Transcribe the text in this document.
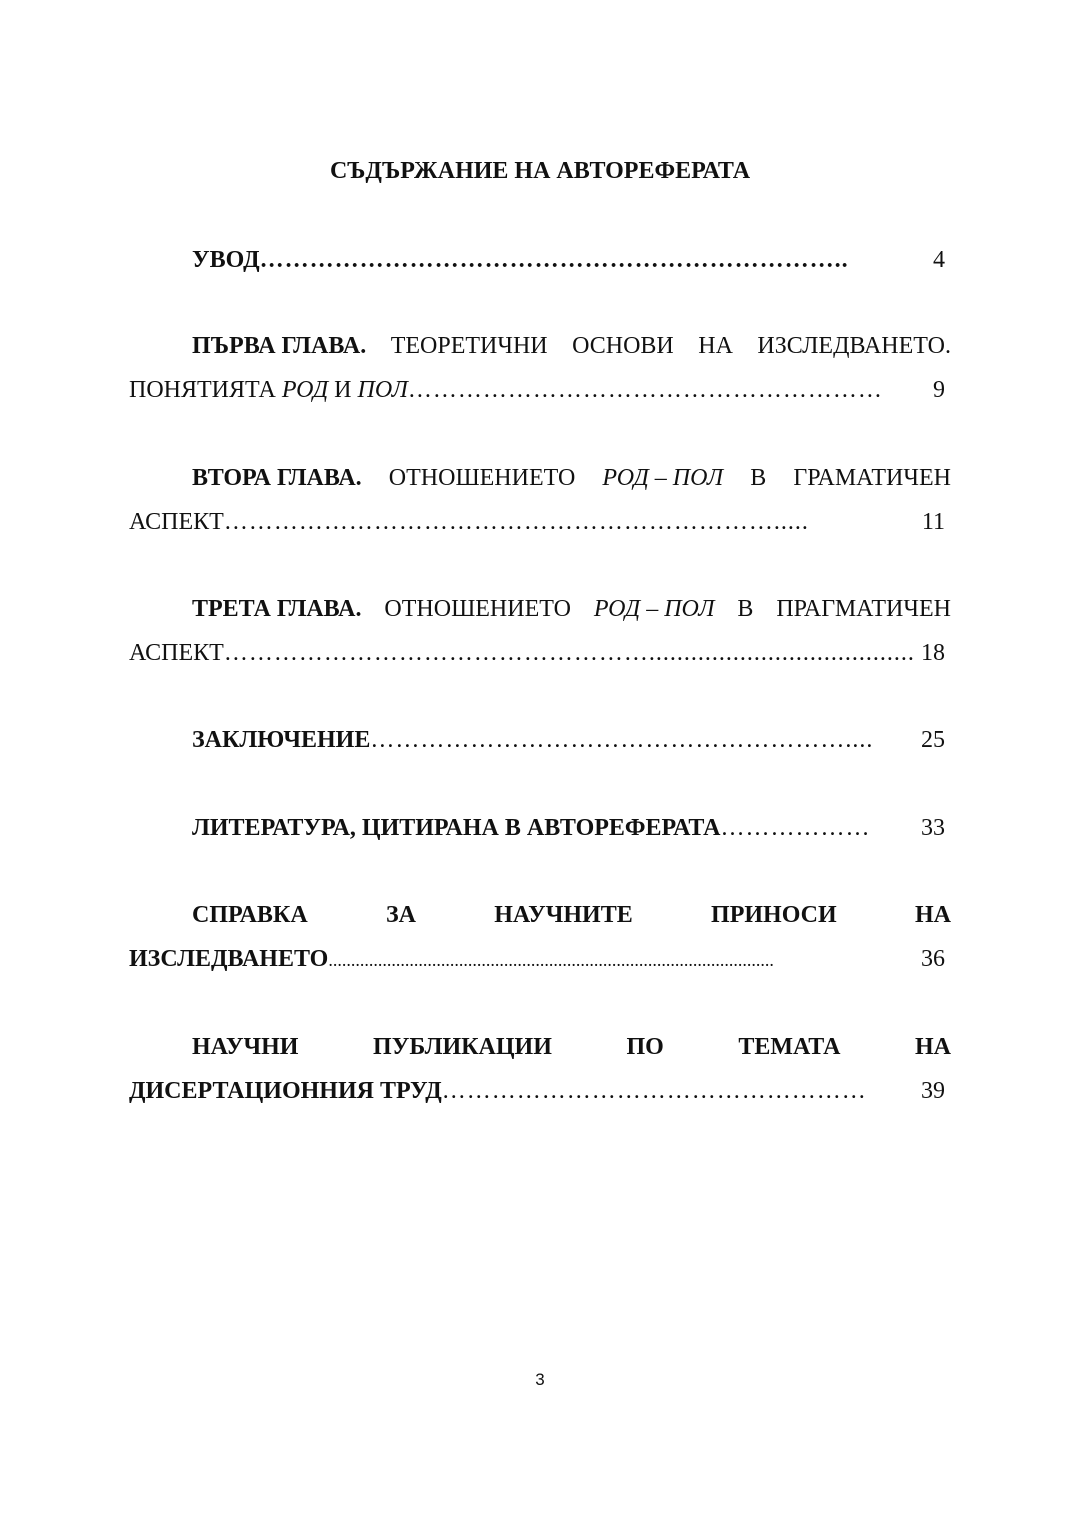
СЪДЪРЖАНИЕ НА АВТОРЕФЕРАТА
УВОД ……………………………………………………………..	4
ПЪРВА ГЛАВА. ТЕОРЕТИЧНИ ОСНОВИ НА ИЗСЛЕДВАНЕТО.
ПОНЯТИЯТА РОД И ПОЛ …………………………………………………	9
ВТОРА ГЛАВА. ОТНОШЕНИЕТО РОД – ПОЛ В ГРАМАТИЧЕН
АСПЕКТ ………………………………………………………….....	11
ТРЕТА ГЛАВА. ОТНОШЕНИЕТО РОД – ПОЛ В ПРАГМАТИЧЕН
АСПЕКТ ……………………………………………...................................... 18
ЗАКЛЮЧЕНИЕ …………………………………………………....	25
ЛИТЕРАТУРА, ЦИТИРАНА В АВТОРЕФЕРАТА ………………	33
СПРАВКА	ЗА	НАУЧНИТЕ	ПРИНОСИ	НА
ИЗСЛЕДВАНЕТО ...................................................................................................	36
НАУЧНИ	ПУБЛИКАЦИИ	ПО	ТЕМАТА	НА
ДИСЕРТАЦИОННИЯ ТРУД ……………………………………………	39
3
